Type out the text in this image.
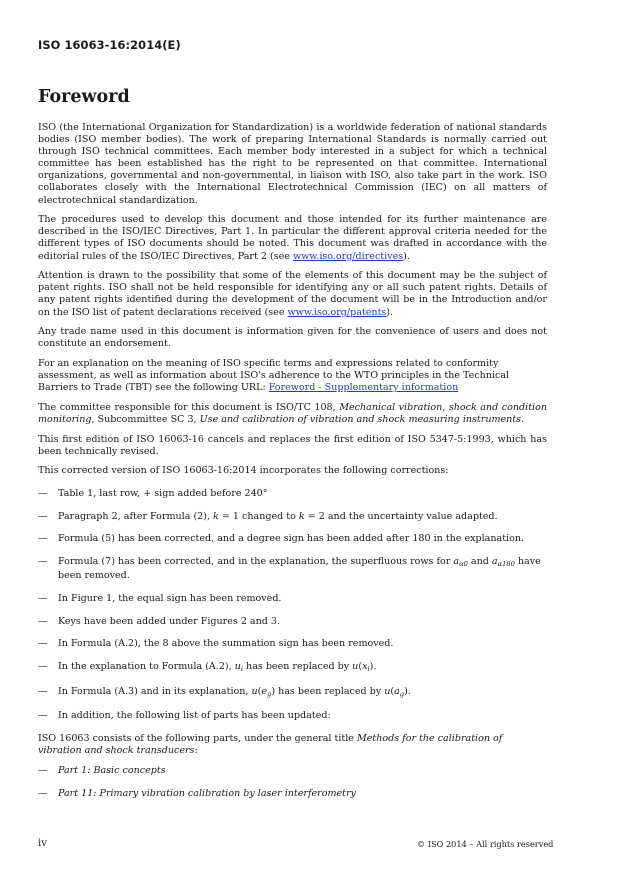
ISO 16063-16:2014(E)
Foreword

ISO (the International Organization for Standardization) is a worldwide federation of national standards bodies (ISO member bodies). The work of preparing International Standards is normally carried out through ISO technical committees. Each member body interested in a subject for which a technical committee has been established has the right to be represented on that committee. International organizations, governmental and non-governmental, in liaison with ISO, also take part in the work. ISO collaborates closely with the International Electrotechnical Commission (IEC) on all matters of electrotechnical standardization.

The procedures used to develop this document and those intended for its further maintenance are described in the ISO/IEC Directives, Part 1. In particular the different approval criteria needed for the different types of ISO documents should be noted. This document was drafted in accordance with the editorial rules of the ISO/IEC Directives, Part 2 (see www.iso.org/directives).

Attention is drawn to the possibility that some of the elements of this document may be the subject of patent rights. ISO shall not be held responsible for identifying any or all such patent rights. Details of any patent rights identified during the development of the document will be in the Introduction and/or on the ISO list of patent declarations received (see www.iso.org/patents).

Any trade name used in this document is information given for the convenience of users and does not constitute an endorsement.

For an explanation on the meaning of ISO specific terms and expressions related to conformity assessment, as well as information about ISO's adherence to the WTO principles in the Technical Barriers to Trade (TBT) see the following URL: Foreword - Supplementary information

The committee responsible for this document is ISO/TC 108, Mechanical vibration, shock and condition monitoring, Subcommittee SC 3, Use and calibration of vibration and shock measuring instruments.

This first edition of ISO 16063-16 cancels and replaces the first edition of ISO 5347-5:1993, which has been technically revised.

This corrected version of ISO 16063-16:2014 incorporates the following corrections:

— Table 1, last row, + sign added before 240°

— Paragraph 2, after Formula (2), k = 1 changed to k = 2 and the uncertainty value adapted.

— Formula (5) has been corrected, and a degree sign has been added after 180 in the explanation.

— Formula (7) has been corrected, and in the explanation, the superfluous rows for $a_{\alpha 0}$ and $a_{\alpha 180}$ have been removed.

— In Figure 1, the equal sign has been removed.

— Keys have been added under Figures 2 and 3.

— In Formula (A.2), the 8 above the summation sign has been removed.

— In the explanation to Formula (A.2), $u_i$ has been replaced by $u(x_i)$.

— In Formula (A.3) and in its explanation, $u(e_g)$ has been replaced by $u(a_g)$.

— In addition, the following list of parts has been updated:

ISO 16063 consists of the following parts, under the general title Methods for the calibration of vibration and shock transducers:

— Part 1: Basic concepts

— Part 11: Primary vibration calibration by laser interferometry

iv	© ISO 2014 – All rights reserved
